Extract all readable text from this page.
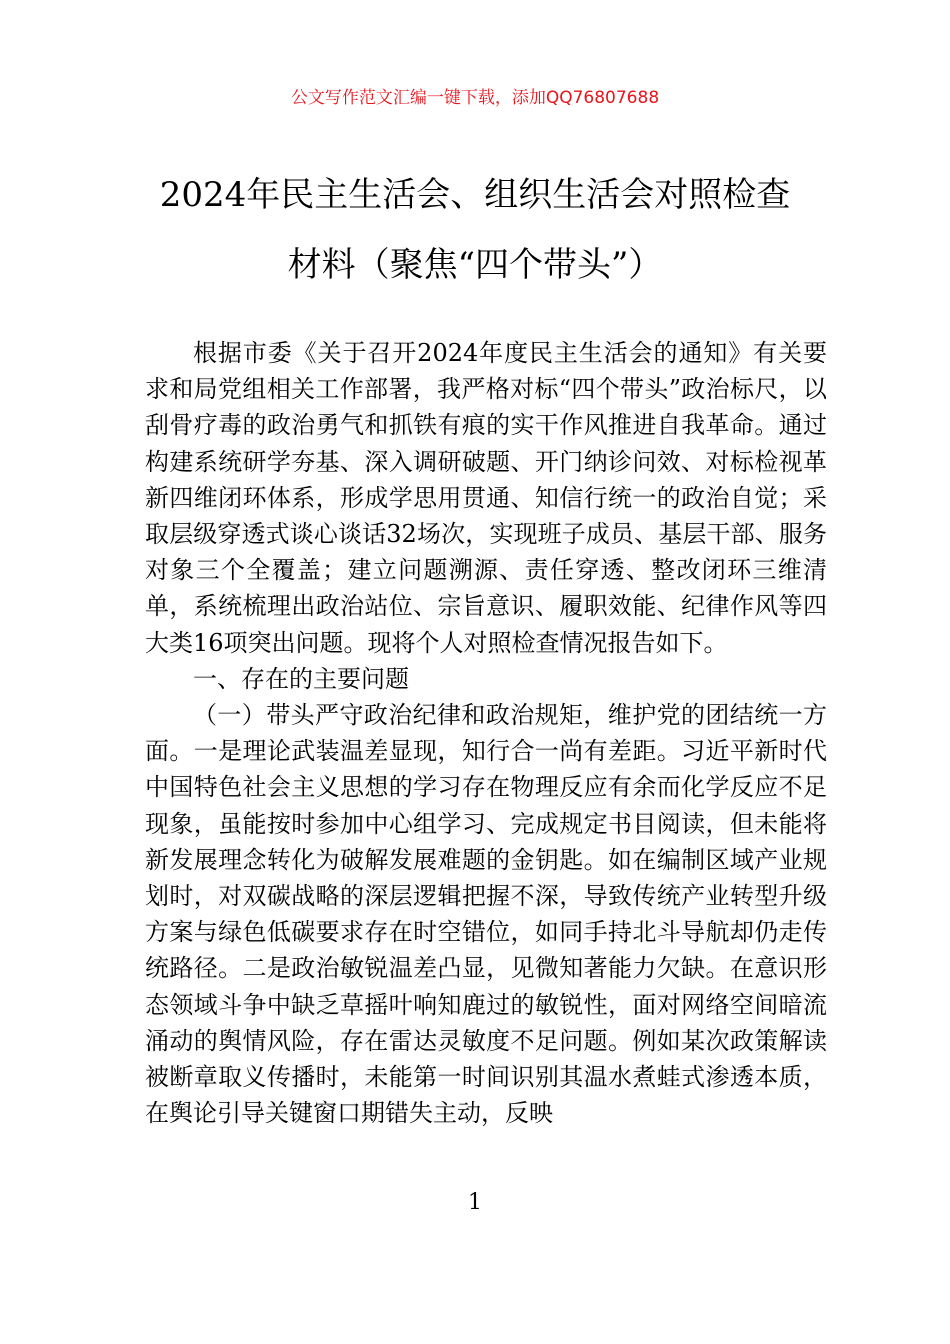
公文写作范文汇编一键下载，添加QQ76807688
2024年民主生活会、组织生活会对照检查
材料（聚焦“四个带头”）

根据市委《关于召开2024年度民主生活会的通知》有关要求和局党组相关工作部署，我严格对标“四个带头”政治标尺，以刮骨疗毒的政治勇气和抓铁有痕的实干作风推进自我革命。通过构建系统研学夯基、深入调研破题、开门纳诊问效、对标检视革新四维闭环体系，形成学思用贯通、知信行统一的政治自觉；采取层级穿透式谈心谈话32场次，实现班子成员、基层干部、服务对象三个全覆盖；建立问题溯源、责任穿透、整改闭环三维清单，系统梳理出政治站位、宗旨意识、履职效能、纪律作风等四大类16项突出问题。现将个人对照检查情况报告如下。

一、存在的主要问题

（一）带头严守政治纪律和政治规矩，维护党的团结统一方面。一是理论武装温差显现，知行合一尚有差距。习近平新时代中国特色社会主义思想的学习存在物理反应有余而化学反应不足现象，虽能按时参加中心组学习、完成规定书目阅读，但未能将新发展理念转化为破解发展难题的金钥匙。如在编制区域产业规划时，对双碳战略的深层逻辑把握不深，导致传统产业转型升级方案与绿色低碳要求存在时空错位，如同手持北斗导航却仍走传统路径。二是政治敏锐温差凸显，见微知著能力欠缺。在意识形态领域斗争中缺乏草摇叶响知鹿过的敏锐性，面对网络空间暗流涌动的舆情风险，存在雷达灵敏度不足问题。例如某次政策解读被断章取义传播时，未能第一时间识别其温水煮蛙式渗透本质，在舆论引导关键窗口期错失主动，反映

1
